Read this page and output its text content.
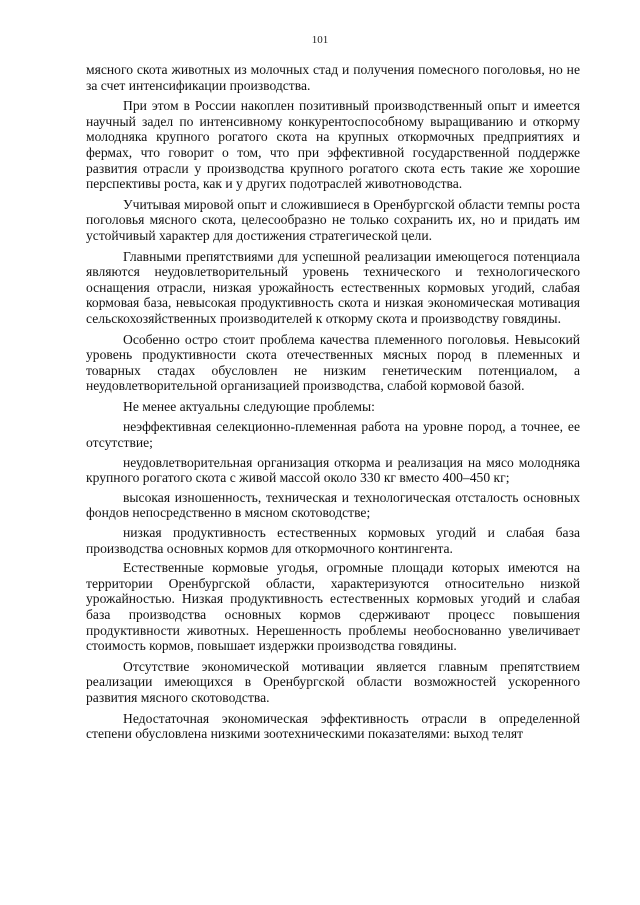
101

мясного скота животных из молочных стад и получения помесного поголовья, но не за счет интенсификации производства.

При этом в России накоплен позитивный производственный опыт и имеется научный задел по интенсивному конкурентоспособному выращиванию и откорму молодняка крупного рогатого скота на крупных откормочных предприятиях и фермах, что говорит о том, что при эффективной государственной поддержке развития отрасли у производства крупного рогатого скота есть такие же хорошие перспективы роста, как и у других подотраслей животноводства.

Учитывая мировой опыт и сложившиеся в Оренбургской области темпы роста поголовья мясного скота, целесообразно не только сохранить их, но и придать им устойчивый характер для достижения стратегической цели.

Главными препятствиями для успешной реализации имеющегося потенциала являются неудовлетворительный уровень технического и технологического оснащения отрасли, низкая урожайность естественных кормовых угодий, слабая кормовая база, невысокая продуктивность скота и низкая экономическая мотивация сельскохозяйственных производителей к откорму скота и производству говядины.

Особенно остро стоит проблема качества племенного поголовья. Невысокий уровень продуктивности скота отечественных мясных пород в племенных и товарных стадах обусловлен не низким генетическим потенциалом, а неудовлетворительной организацией производства, слабой кормовой базой.

Не менее актуальны следующие проблемы:

неэффективная селекционно-племенная работа на уровне пород, а точнее, ее отсутствие;

неудовлетворительная организация откорма и реализация на мясо молодняка крупного рогатого скота с живой массой около 330 кг вместо 400–450 кг;

высокая изношенность, техническая и технологическая отсталость основных фондов непосредственно в мясном скотоводстве;

низкая продуктивность естественных кормовых угодий и слабая база производства основных кормов для откормочного контингента.

Естественные кормовые угодья, огромные площади которых имеются на территории Оренбургской области, характеризуются относительно низкой урожайностью. Низкая продуктивность естественных кормовых угодий и слабая база производства основных кормов сдерживают процесс повышения продуктивности животных. Нерешенность проблемы необоснованно увеличивает стоимость кормов, повышает издержки производства говядины.

Отсутствие экономической мотивации является главным препятствием реализации имеющихся в Оренбургской области возможностей ускоренного развития мясного скотоводства.

Недостаточная экономическая эффективность отрасли в определенной степени обусловлена низкими зоотехническими показателями: выход телят
